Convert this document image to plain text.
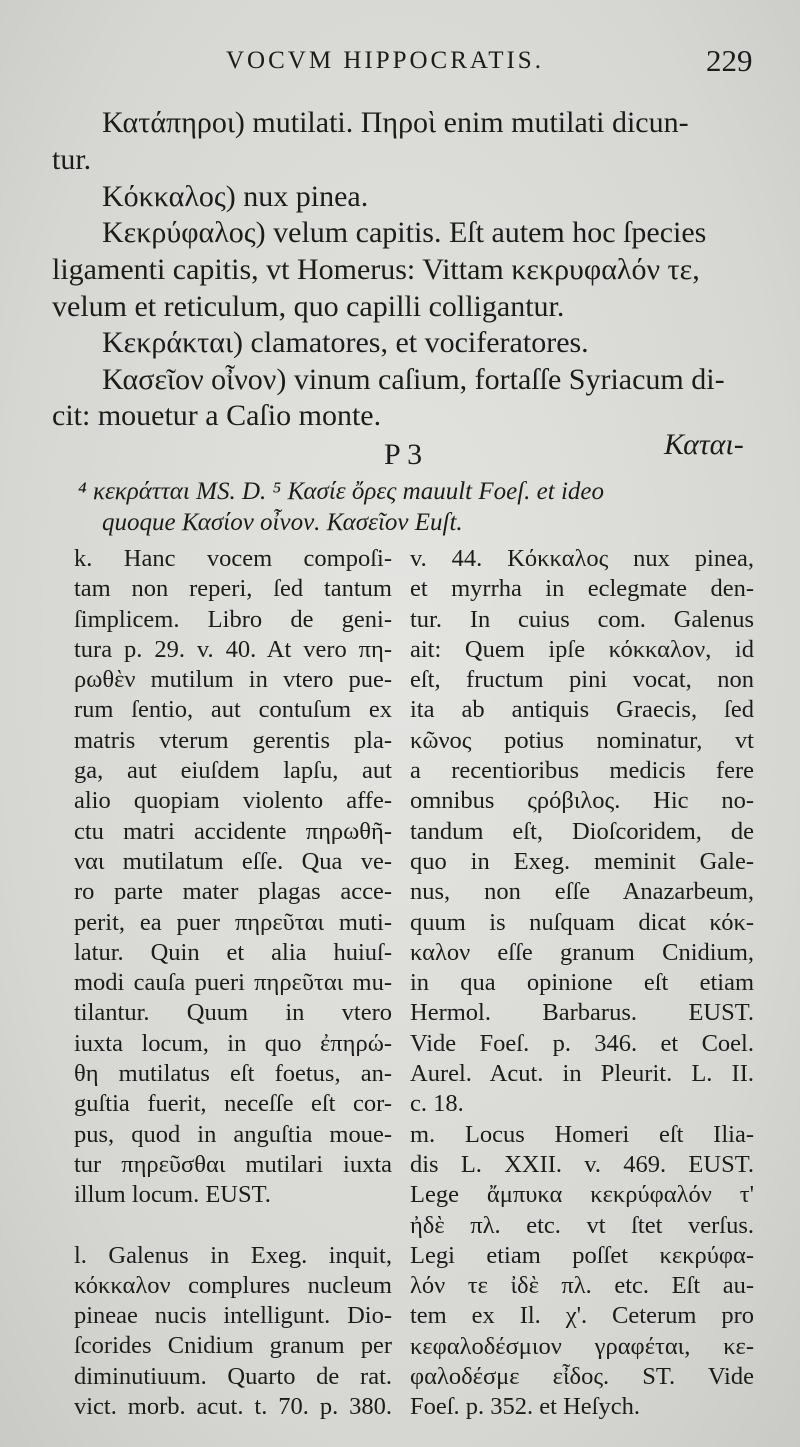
VOCVM HIPPOCRATIS.	229
Κατάπηροι) mutilati. Πηροὶ enim mutilati dicun-
tur.
Κόκκαλος) nux pinea.
Κεκρύφαλος) velum capitis. Eſt autem hoc ſpecies
ligamenti capitis, vt Homerus: Vittam κεκρυφαλόν τε,
velum et reticulum, quo capilli colligantur.
Κεκράκται) clamatores, et vociferatores.
Κασεῖον οἶνον) vinum caſium, fortaſſe Syriacum di-
cit: mouetur a Caſio monte.
P 3	Καται-
⁴ κεκράτται MS. D. ⁵ Κασίε ὄρες mauult Foeſ. et ideo
quoque Κασίον οἶνον. Κασεῖον Euſt.
k. Hanc vocem compoſi-
tam non reperi, ſed tantum
ſimplicem. Libro de geni-
tura p. 29. v. 40. At vero πη-
ρωθὲν mutilum in vtero pue-
rum ſentio, aut contuſum ex
matris vterum gerentis pla-
ga, aut eiuſdem lapſu, aut
alio quopiam violento affe-
ctu matri accidente πηρωθῆ-
ναι mutilatum eſſe. Qua ve-
ro parte mater plagas acce-
perit, ea puer πηρεῦται muti-
latur. Quin et alia huiuſ-
modi cauſa pueri πηρεῦται mu-
tilantur. Quum in vtero
iuxta locum, in quo ἐπηρώ-
θη mutilatus eſt foetus, an-
guſtia fuerit, neceſſe eſt cor-
pus, quod in anguſtia mouе-
tur πηρεῦσθαι mutilari iuxta
illum locum. EUST.
l. Galenus in Exeg. inquit,
κόκκαλον complures nucleum
pineae nucis intelligunt. Dio-
ſcorides Cnidium granum per
diminutiuum. Quarto de rat.
vict. morb. acut. t. 70. p. 380.
v. 44. Κόκκαλος nux pinea,
et myrrha in eclegmate den-
tur. In cuius com. Galenus
ait: Quem ipſe κόκκαλον, id
eſt, fructum pini vocat, non
ita ab antiquis Graecis, ſed
κῶνος potius nominatur, vt
a recentioribus medicis fere
omnibus ςρόβιλος. Hic no-
tandum eſt, Dioſcoridem, de
quo in Exeg. meminit Gale-
nus, non eſſe Anazarbeum,
quum is nuſquam dicat κόκ-
καλον eſſe granum Cnidium,
in qua opinione eſt etiam
Hermol. Barbarus. EUST.
Vide Foeſ. p. 346. et Coel.
Aurel. Acut. in Pleurit. L. II.
c. 18.
m. Locus Homeri eſt Ilia-
dis L. XXII. v. 469. EUST.
Lege ἄμπυκα κεκρύφαλόν τ'
ἠδὲ πλ. etc. vt ſtet verſus.
Legi etiam poſſet κεκρύφα-
λόν τε ἰδὲ πλ. etc. Eſt au-
tem ex Il. χ'. Ceterum pro
κεφαλοδέσμιον γραφέται, κε-
φαλοδέσμε εἶδος. ST. Vide
Foeſ. p. 352. et Heſych.
